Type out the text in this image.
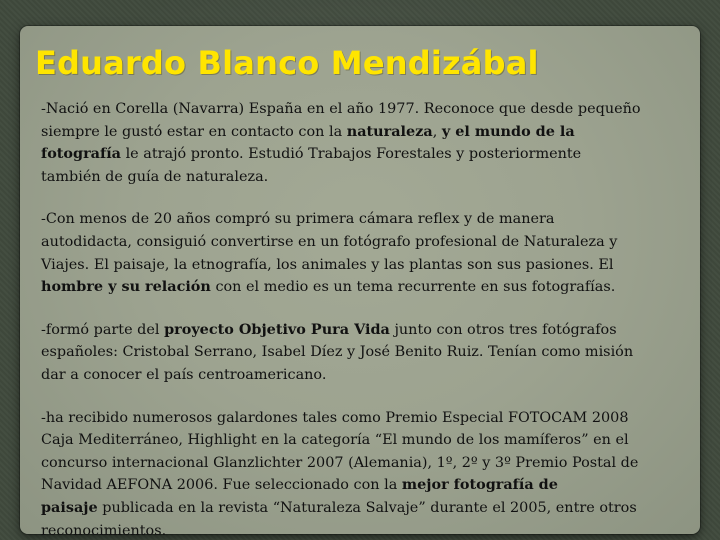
Eduardo Blanco Mendizábal

-Nació en Corella (Navarra) España en el año 1977. Reconoce que desde pequeño
siempre le gustó estar en contacto con la naturaleza, y el mundo de la
fotografía le atrajó pronto. Estudió Trabajos Forestales y posteriormente
también de guía de naturaleza.

-Con menos de 20 años compró su primera cámara reflex y de manera
autodidacta, consiguió convertirse en un fotógrafo profesional de Naturaleza y
Viajes. El paisaje, la etnografía, los animales y las plantas son sus pasiones. El
hombre y su relación con el medio es un tema recurrente en sus fotografías.

-formó parte del proyecto Objetivo Pura Vida junto con otros tres fotógrafos
españoles: Cristobal Serrano, Isabel Díez y José Benito Ruiz. Tenían como misión
dar a conocer el país centroamericano.

-ha recibido numerosos galardones tales como Premio Especial FOTOCAM 2008
Caja Mediterráneo, Highlight en la categoría “El mundo de los mamíferos” en el
concurso internacional Glanzlichter 2007 (Alemania), 1º, 2º y 3º Premio Postal de
Navidad AEFONA 2006. Fue seleccionado con la mejor fotografía de
paisaje publicada en la revista “Naturaleza Salvaje” durante el 2005, entre otros
reconocimientos.
